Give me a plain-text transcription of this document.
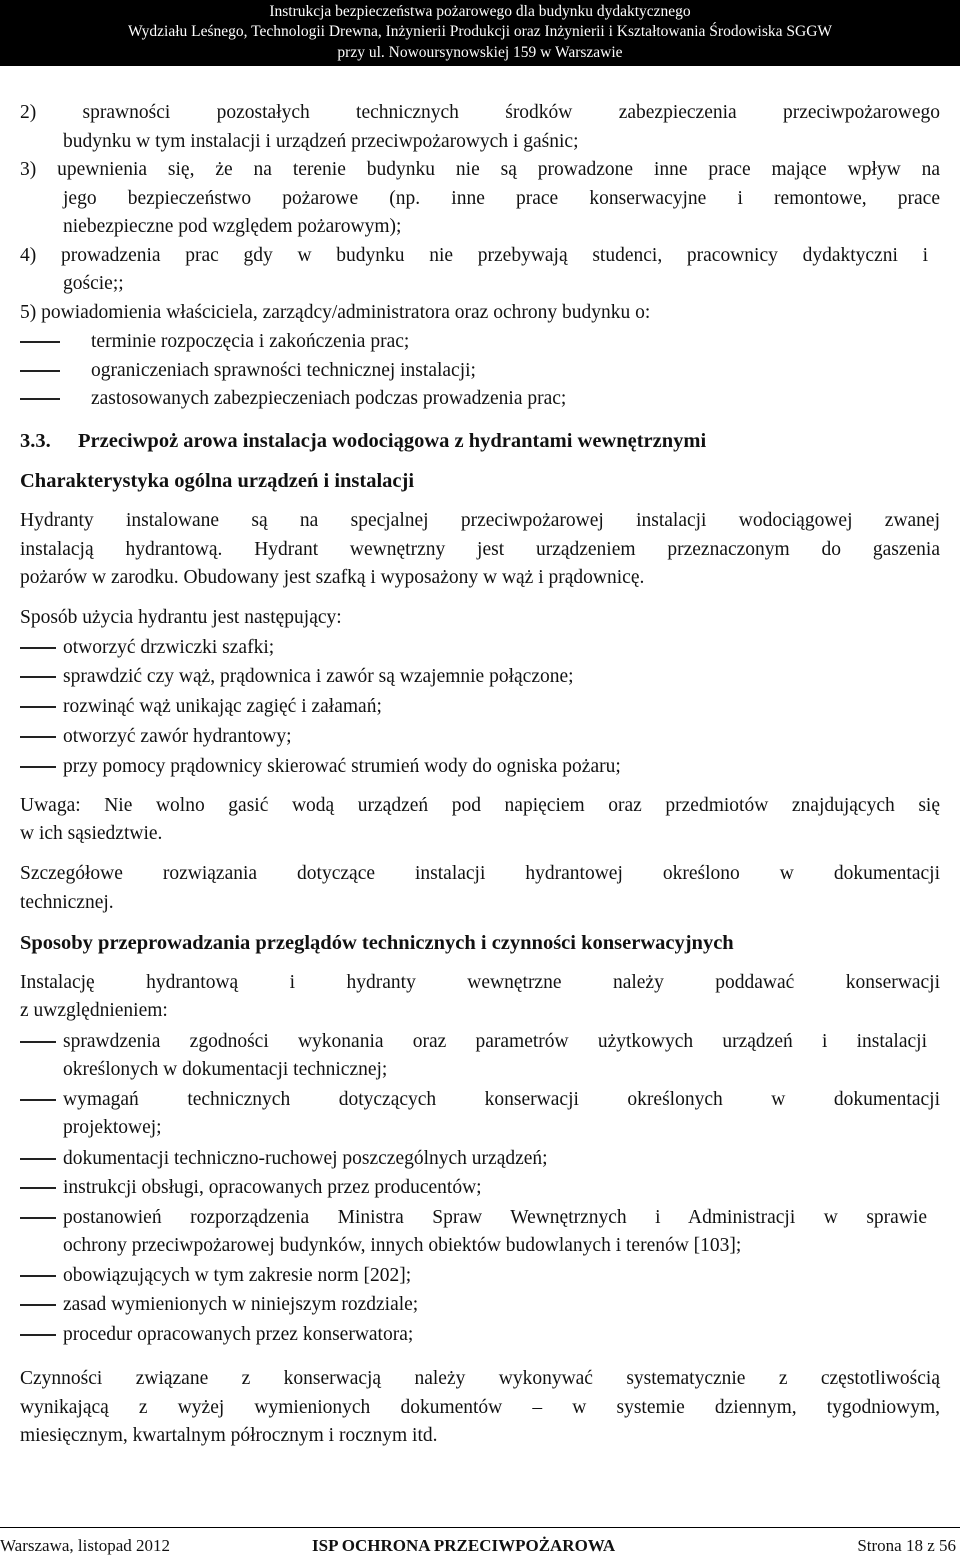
Instrukcja bezpieczeństwa pożarowego dla budynku dydaktycznego
Wydziału Leśnego, Technologii Drewna, Inżynierii Produkcji oraz Inżynierii i Kształtowania Środowiska SGGW
przy ul. Nowoursynowskiej 159 w Warszawie
2) sprawności pozostałych technicznych środków zabezpieczenia przeciwpożarowego
budynku w tym instalacji i urządzeń przeciwpożarowych i gaśnic;
3) upewnienia się, że na terenie budynku nie są prowadzone inne prace mające wpływ na
jego bezpieczeństwo pożarowe (np. inne prace konserwacyjne i remontowe, prace
niebezpieczne pod względem pożarowym);
4) prowadzenia prac gdy w budynku nie przebywają studenci, pracownicy dydaktyczni i
goście;;
5) powiadomienia właściciela, zarządcy/administratora oraz ochrony budynku o:
terminie rozpoczęcia i zakończenia prac;
ograniczeniach sprawności technicznej instalacji;
zastosowanych zabezpieczeniach podczas prowadzenia prac;
3.3. Przeciwpoż arowa instalacja wodociągowa z hydrantami wewnętrznymi
Charakterystyka ogólna urządzeń i instalacji
Hydranty instalowane są na specjalnej przeciwpożarowej instalacji wodociągowej zwanej
instalacją hydrantową. Hydrant wewnętrzny jest urządzeniem przeznaczonym do gaszenia
pożarów w zarodku. Obudowany jest szafką i wyposażony w wąż i prądownicę.
Sposób użycia hydrantu jest następujący:
otworzyć drzwiczki szafki;
sprawdzić czy wąż, prądownica i zawór są wzajemnie połączone;
rozwinąć wąż unikając zagięć i załamań;
otworzyć zawór hydrantowy;
przy pomocy prądownicy skierować strumień wody do ogniska pożaru;
Uwaga: Nie wolno gasić wodą urządzeń pod napięciem oraz przedmiotów znajdujących się
w ich sąsiedztwie.
Szczegółowe rozwiązania dotyczące instalacji hydrantowej określono w dokumentacji
technicznej.
Sposoby przeprowadzania przeglądów technicznych i czynności konserwacyjnych
Instalację hydrantową i hydranty wewnętrzne należy poddawać konserwacji
z uwzględnieniem:
sprawdzenia zgodności wykonania oraz parametrów użytkowych urządzeń i instalacji
określonych w dokumentacji technicznej;
wymagań technicznych dotyczących konserwacji określonych w dokumentacji
projektowej;
dokumentacji techniczno-ruchowej poszczególnych urządzeń;
instrukcji obsługi, opracowanych przez producentów;
postanowień rozporządzenia Ministra Spraw Wewnętrznych i Administracji w sprawie
ochrony przeciwpożarowej budynków, innych obiektów budowlanych i terenów [103];
obowiązujących w tym zakresie norm [202];
zasad wymienionych w niniejszym rozdziale;
procedur opracowanych przez konserwatora;
Czynności związane z konserwacją należy wykonywać systematycznie z częstotliwością
wynikającą z wyżej wymienionych dokumentów – w systemie dziennym, tygodniowym,
miesięcznym, kwartalnym półrocznym i rocznym itd.
Warszawa, listopad 2012	ISP OCHRONA PRZECIWPOŻAROWA	Strona 18 z 56
